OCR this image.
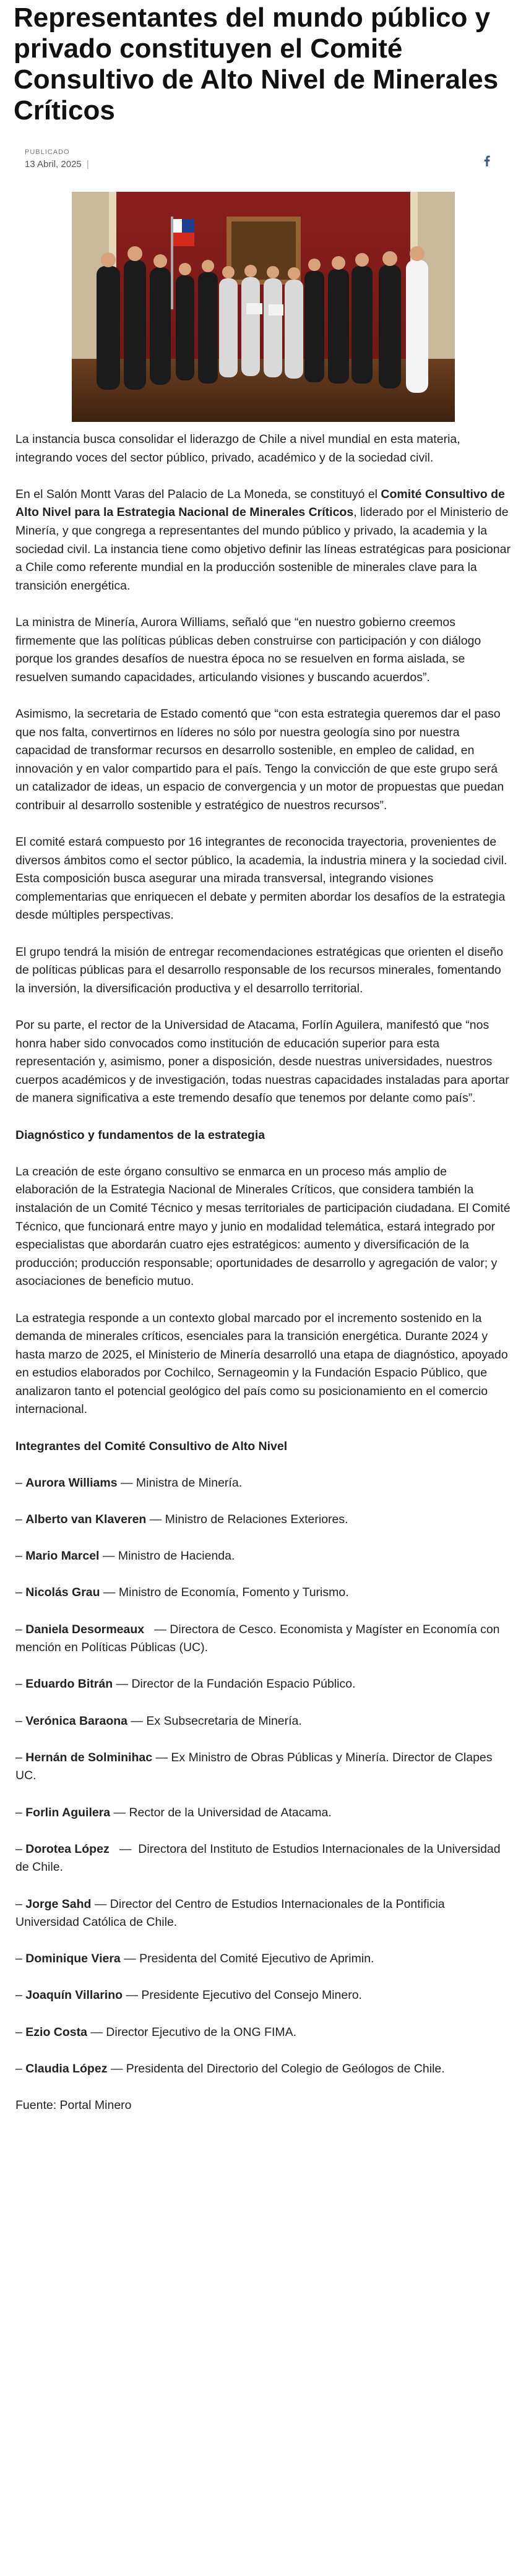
Representantes del mundo público y privado constituyen el Comité Consultivo de Alto Nivel de Minerales Críticos
PUBLICADO
13 Abril, 2025 |

La instancia busca consolidar el liderazgo de Chile a nivel mundial en esta materia, integrando voces del sector público, privado, académico y de la sociedad civil.

En el Salón Montt Varas del Palacio de La Moneda, se constituyó el Comité Consultivo de Alto Nivel para la Estrategia Nacional de Minerales Críticos, liderado por el Ministerio de Minería, y que congrega a representantes del mundo público y privado, la academia y la sociedad civil. La instancia tiene como objetivo definir las líneas estratégicas para posicionar a Chile como referente mundial en la producción sostenible de minerales clave para la transición energética.

La ministra de Minería, Aurora Williams, señaló que “en nuestro gobierno creemos firmemente que las políticas públicas deben construirse con participación y con diálogo porque los grandes desafíos de nuestra época no se resuelven en forma aislada, se resuelven sumando capacidades, articulando visiones y buscando acuerdos”.

Asimismo, la secretaria de Estado comentó que “con esta estrategia queremos dar el paso que nos falta, convertirnos en líderes no sólo por nuestra geología sino por nuestra capacidad de transformar recursos en desarrollo sostenible, en empleo de calidad, en innovación y en valor compartido para el país. Tengo la convicción de que este grupo será un catalizador de ideas, un espacio de convergencia y un motor de propuestas que puedan contribuir al desarrollo sostenible y estratégico de nuestros recursos”.

El comité estará compuesto por 16 integrantes de reconocida trayectoria, provenientes de diversos ámbitos como el sector público, la academia, la industria minera y la sociedad civil. Esta composición busca asegurar una mirada transversal, integrando visiones complementarias que enriquecen el debate y permiten abordar los desafíos de la estrategia desde múltiples perspectivas.

El grupo tendrá la misión de entregar recomendaciones estratégicas que orienten el diseño de políticas públicas para el desarrollo responsable de los recursos minerales, fomentando la inversión, la diversificación productiva y el desarrollo territorial.

Por su parte, el rector de la Universidad de Atacama, Forlín Aguilera, manifestó que “nos honra haber sido convocados como institución de educación superior para esta representación y, asimismo, poner a disposición, desde nuestras universidades, nuestros cuerpos académicos y de investigación, todas nuestras capacidades instaladas para aportar de manera significativa a este tremendo desafío que tenemos por delante como país”.

Diagnóstico y fundamentos de la estrategia

La creación de este órgano consultivo se enmarca en un proceso más amplio de elaboración de la Estrategia Nacional de Minerales Críticos, que considera también la instalación de un Comité Técnico y mesas territoriales de participación ciudadana. El Comité Técnico, que funcionará entre mayo y junio en modalidad telemática, estará integrado por especialistas que abordarán cuatro ejes estratégicos: aumento y diversificación de la producción; producción responsable; oportunidades de desarrollo y agregación de valor; y asociaciones de beneficio mutuo.

La estrategia responde a un contexto global marcado por el incremento sostenido en la demanda de minerales críticos, esenciales para la transición energética. Durante 2024 y hasta marzo de 2025, el Ministerio de Minería desarrolló una etapa de diagnóstico, apoyado en estudios elaborados por Cochilco, Sernageomin y la Fundación Espacio Público, que analizaron tanto el potencial geológico del país como su posicionamiento en el comercio internacional.

Integrantes del Comité Consultivo de Alto Nivel
– Aurora Williams — Ministra de Minería.
– Alberto van Klaveren — Ministro de Relaciones Exteriores.
– Mario Marcel — Ministro de Hacienda.
– Nicolás Grau — Ministro de Economía, Fomento y Turismo.
– Daniela Desormeaux   — Directora de Cesco. Economista y Magíster en Economía con mención en Políticas Públicas (UC).
– Eduardo Bitrán — Director de la Fundación Espacio Público.
– Verónica Baraona — Ex Subsecretaria de Minería.
– Hernán de Solminihac — Ex Ministro de Obras Públicas y Minería. Director de Clapes UC.
– Forlin Aguilera — Rector de la Universidad de Atacama.
– Dorotea López   —  Directora del Instituto de Estudios Internacionales de la Universidad de Chile.
– Jorge Sahd — Director del Centro de Estudios Internacionales de la Pontificia Universidad Católica de Chile.
– Dominique Viera — Presidenta del Comité Ejecutivo de Aprimin.
– Joaquín Villarino — Presidente Ejecutivo del Consejo Minero.
– Ezio Costa — Director Ejecutivo de la ONG FIMA.
– Claudia López — Presidenta del Directorio del Colegio de Geólogos de Chile.

Fuente: Portal Minero
